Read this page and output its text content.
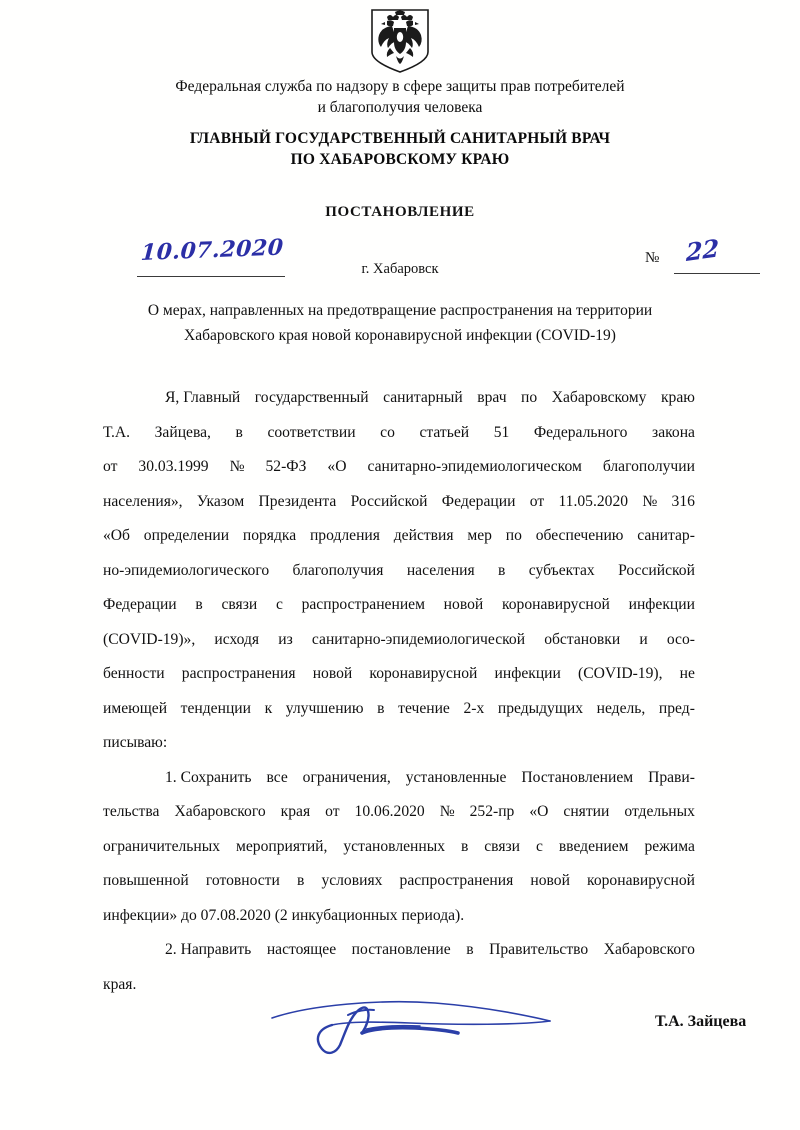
Федеральная служба по надзору в сфере защиты прав потребителей
и благополучия человека
ГЛАВНЫЙ ГОСУДАРСТВЕННЫЙ САНИТАРНЫЙ ВРАЧ
ПО ХАБАРОВСКОМУ КРАЮ
ПОСТАНОВЛЕНИЕ
10.07.2020
г. Хабаровск
№ 22
О мерах, направленных на предотвращение распространения на территории
Хабаровского края новой коронавирусной инфекции (COVID-19)

Я, Главный государственный санитарный врач по Хабаровскому краю
Т.А. Зайцева, в соответствии со статьей 51 Федерального закона
от 30.03.1999 № 52-ФЗ «О санитарно-эпидемиологическом благополучии
населения», Указом Президента Российской Федерации от 11.05.2020 № 316
«Об определении порядка продления действия мер по обеспечению санитар-
но-эпидемиологического благополучия населения в субъектах Российской
Федерации в связи с распространением новой коронавирусной инфекции
(COVID-19)», исходя из санитарно-эпидемиологической обстановки и осо-
бенности распространения новой коронавирусной инфекции (COVID-19), не
имеющей тенденции к улучшению в течение 2-х предыдущих недель, пред-
писываю:

1. Сохранить все ограничения, установленные Постановлением Прави-
тельства Хабаровского края от 10.06.2020 № 252-пр «О снятии отдельных
ограничительных мероприятий, установленных в связи с введением режима
повышенной готовности в условиях распространения новой коронавирусной
инфекции» до 07.08.2020 (2 инкубационных периода).

2. Направить настоящее постановление в Правительство Хабаровского
края.

Т.А. Зайцева
